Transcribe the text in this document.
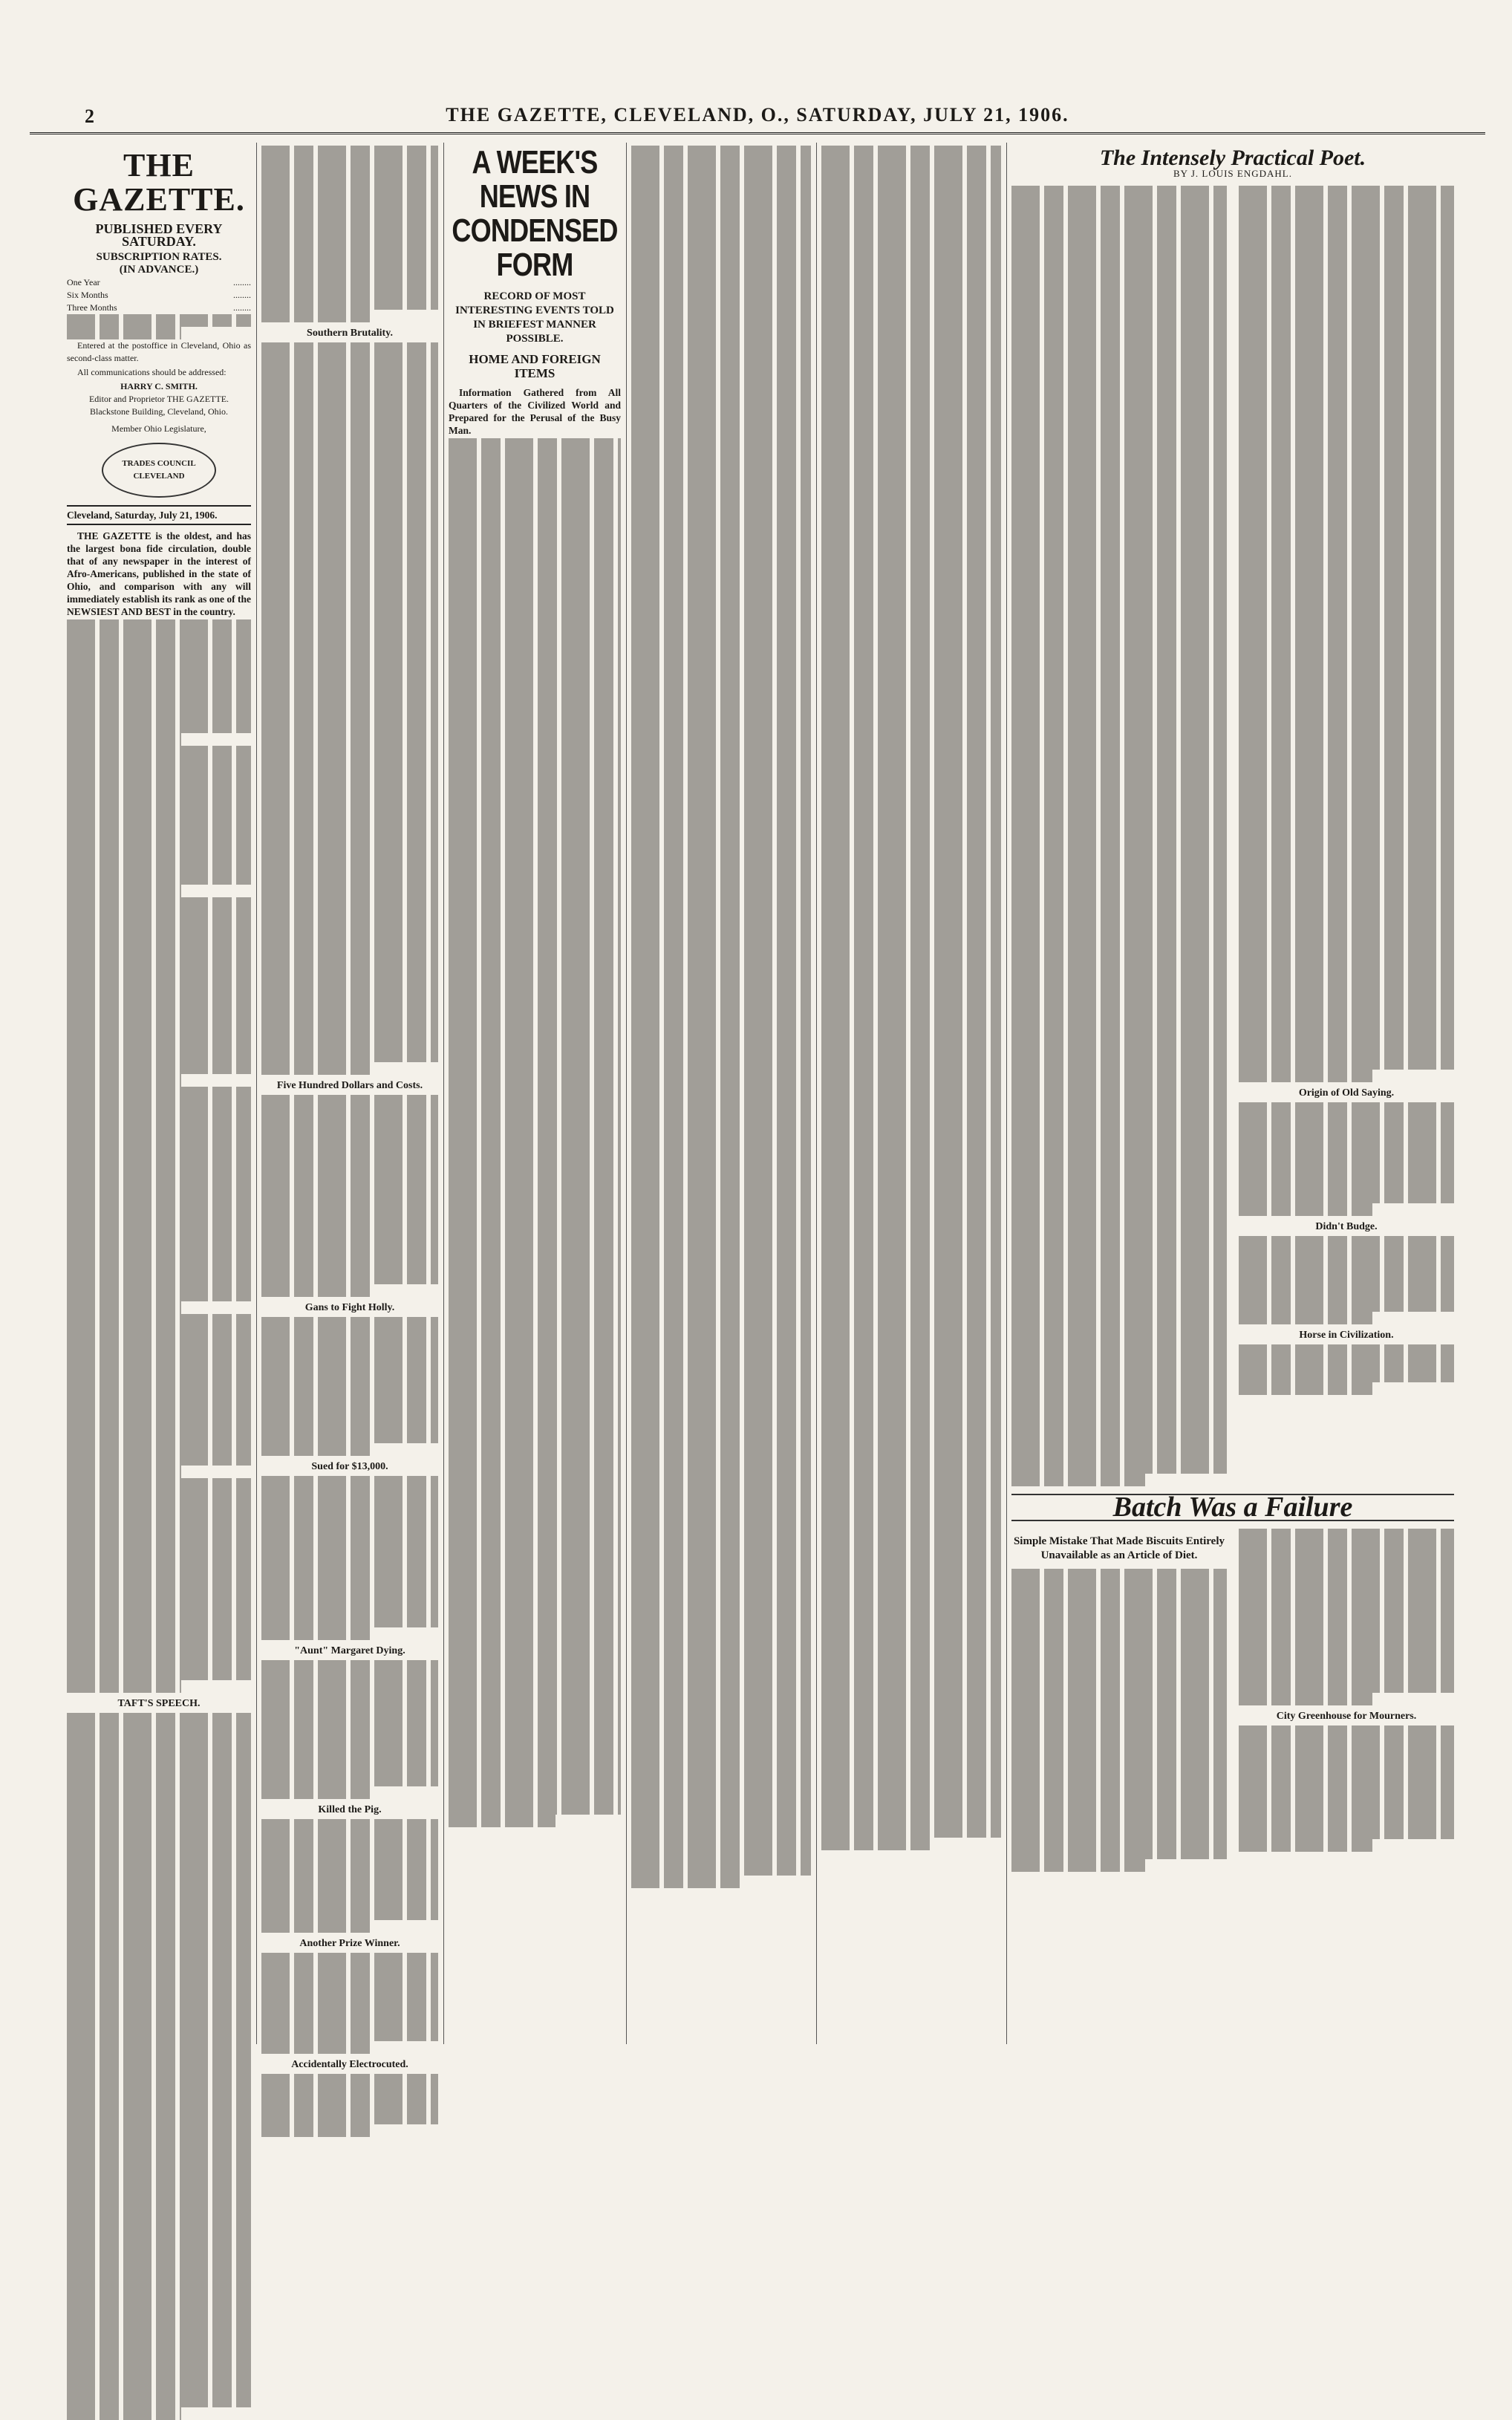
2	THE GAZETTE, CLEVELAND, O., SATURDAY, JULY 21, 1906.
THE GAZETTE.
PUBLISHED EVERY SATURDAY.
SUBSCRIPTION RATES.
(IN ADVANCE.)
One Year	........
Six Months	........
Three Months	........

Entered at the postoffice in Cleveland, Ohio as second-class matter.

All communications should be addressed:

HARRY C. SMITH.
Editor and Proprietor THE GAZETTE.
Blackstone Building, Cleveland, Ohio.
Member Ohio Legislature,
TRADES COUNCIL CLEVELAND
Cleveland, Saturday, July 21, 1906.

THE GAZETTE is the oldest, and has the largest bona fide circulation, double that of any newspaper in the interest of Afro-Americans, published in the state of Ohio, and comparison with any will immediately establish its rank as one of the NEWSIEST AND BEST in the country.

TAFT'S SPEECH.
Southern Brutality.
Five Hundred Dollars and Costs.
Gans to Fight Holly.
Sued for $13,000.
"Aunt" Margaret Dying.
Killed the Pig.
Another Prize Winner.
Accidentally Electrocuted.
A WEEK'S NEWS IN CONDENSED FORM
RECORD OF MOST INTERESTING EVENTS TOLD IN BRIEFEST MANNER POSSIBLE.
HOME AND FOREIGN ITEMS

Information Gathered from All Quarters of the Civilized World and Prepared for the Perusal of the Busy Man.

The Intensely Practical Poet.
BY J. LOUIS ENGDAHL.
Origin of Old Saying.
Didn't Budge.
Horse in Civilization.
Batch Was a Failure
Simple Mistake That Made Biscuits Entirely Unavailable as an Article of Diet.
City Greenhouse for Mourners.
